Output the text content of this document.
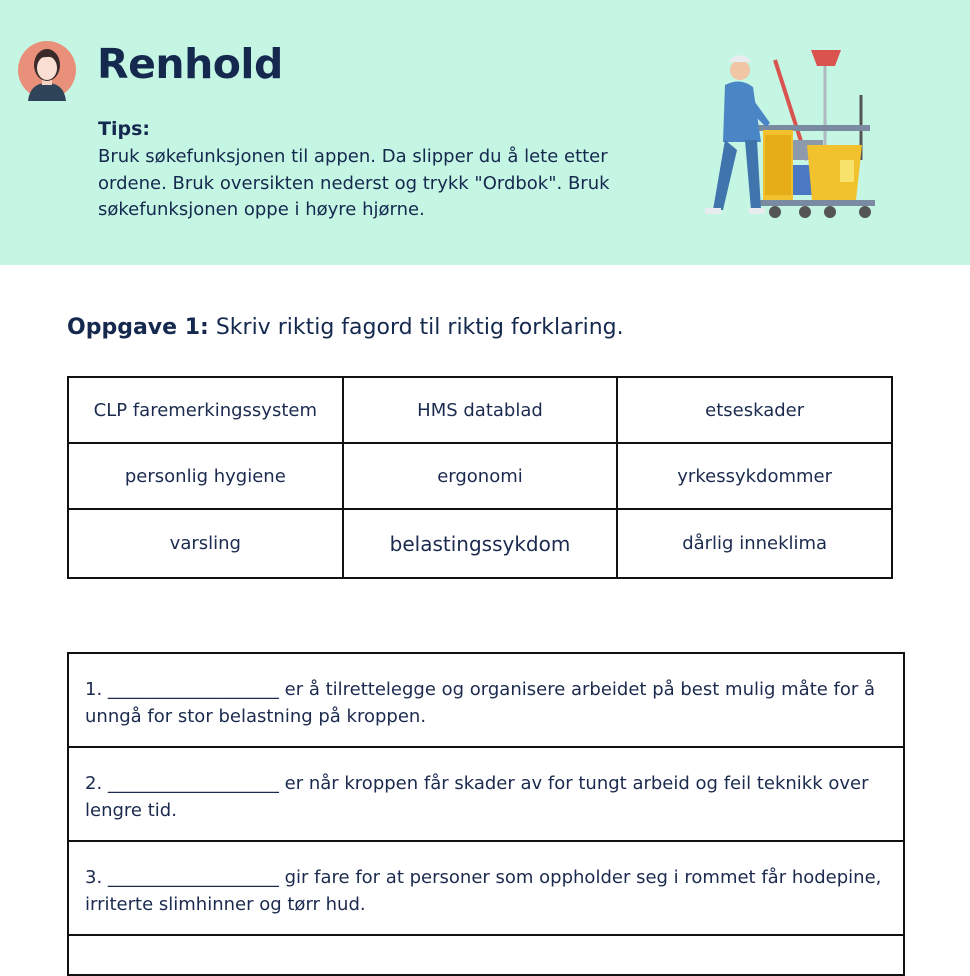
Renhold
Tips:
Bruk søkefunksjonen til appen. Da slipper du å lete etter ordene. Bruk oversikten nederst og trykk "Ordbok". Bruk søkefunksjonen oppe i høyre hjørne.
Oppgave 1: Skriv riktig fagord til riktig forklaring.
CLP faremerkingssystem	HMS datablad	etseskader
personlig hygiene	ergonomi	yrkessykdommer
varsling	belastingssykdom	dårlig inneklima
1. ___________________ er å tilrettelegge og organisere arbeidet på best mulig måte for å unngå for stor belastning på kroppen.
2. ___________________ er når kroppen får skader av for tungt arbeid og feil teknikk over lengre tid.
3. ___________________ gir fare for at personer som oppholder seg i rommet får hodepine, irriterte slimhinner og tørr hud.
